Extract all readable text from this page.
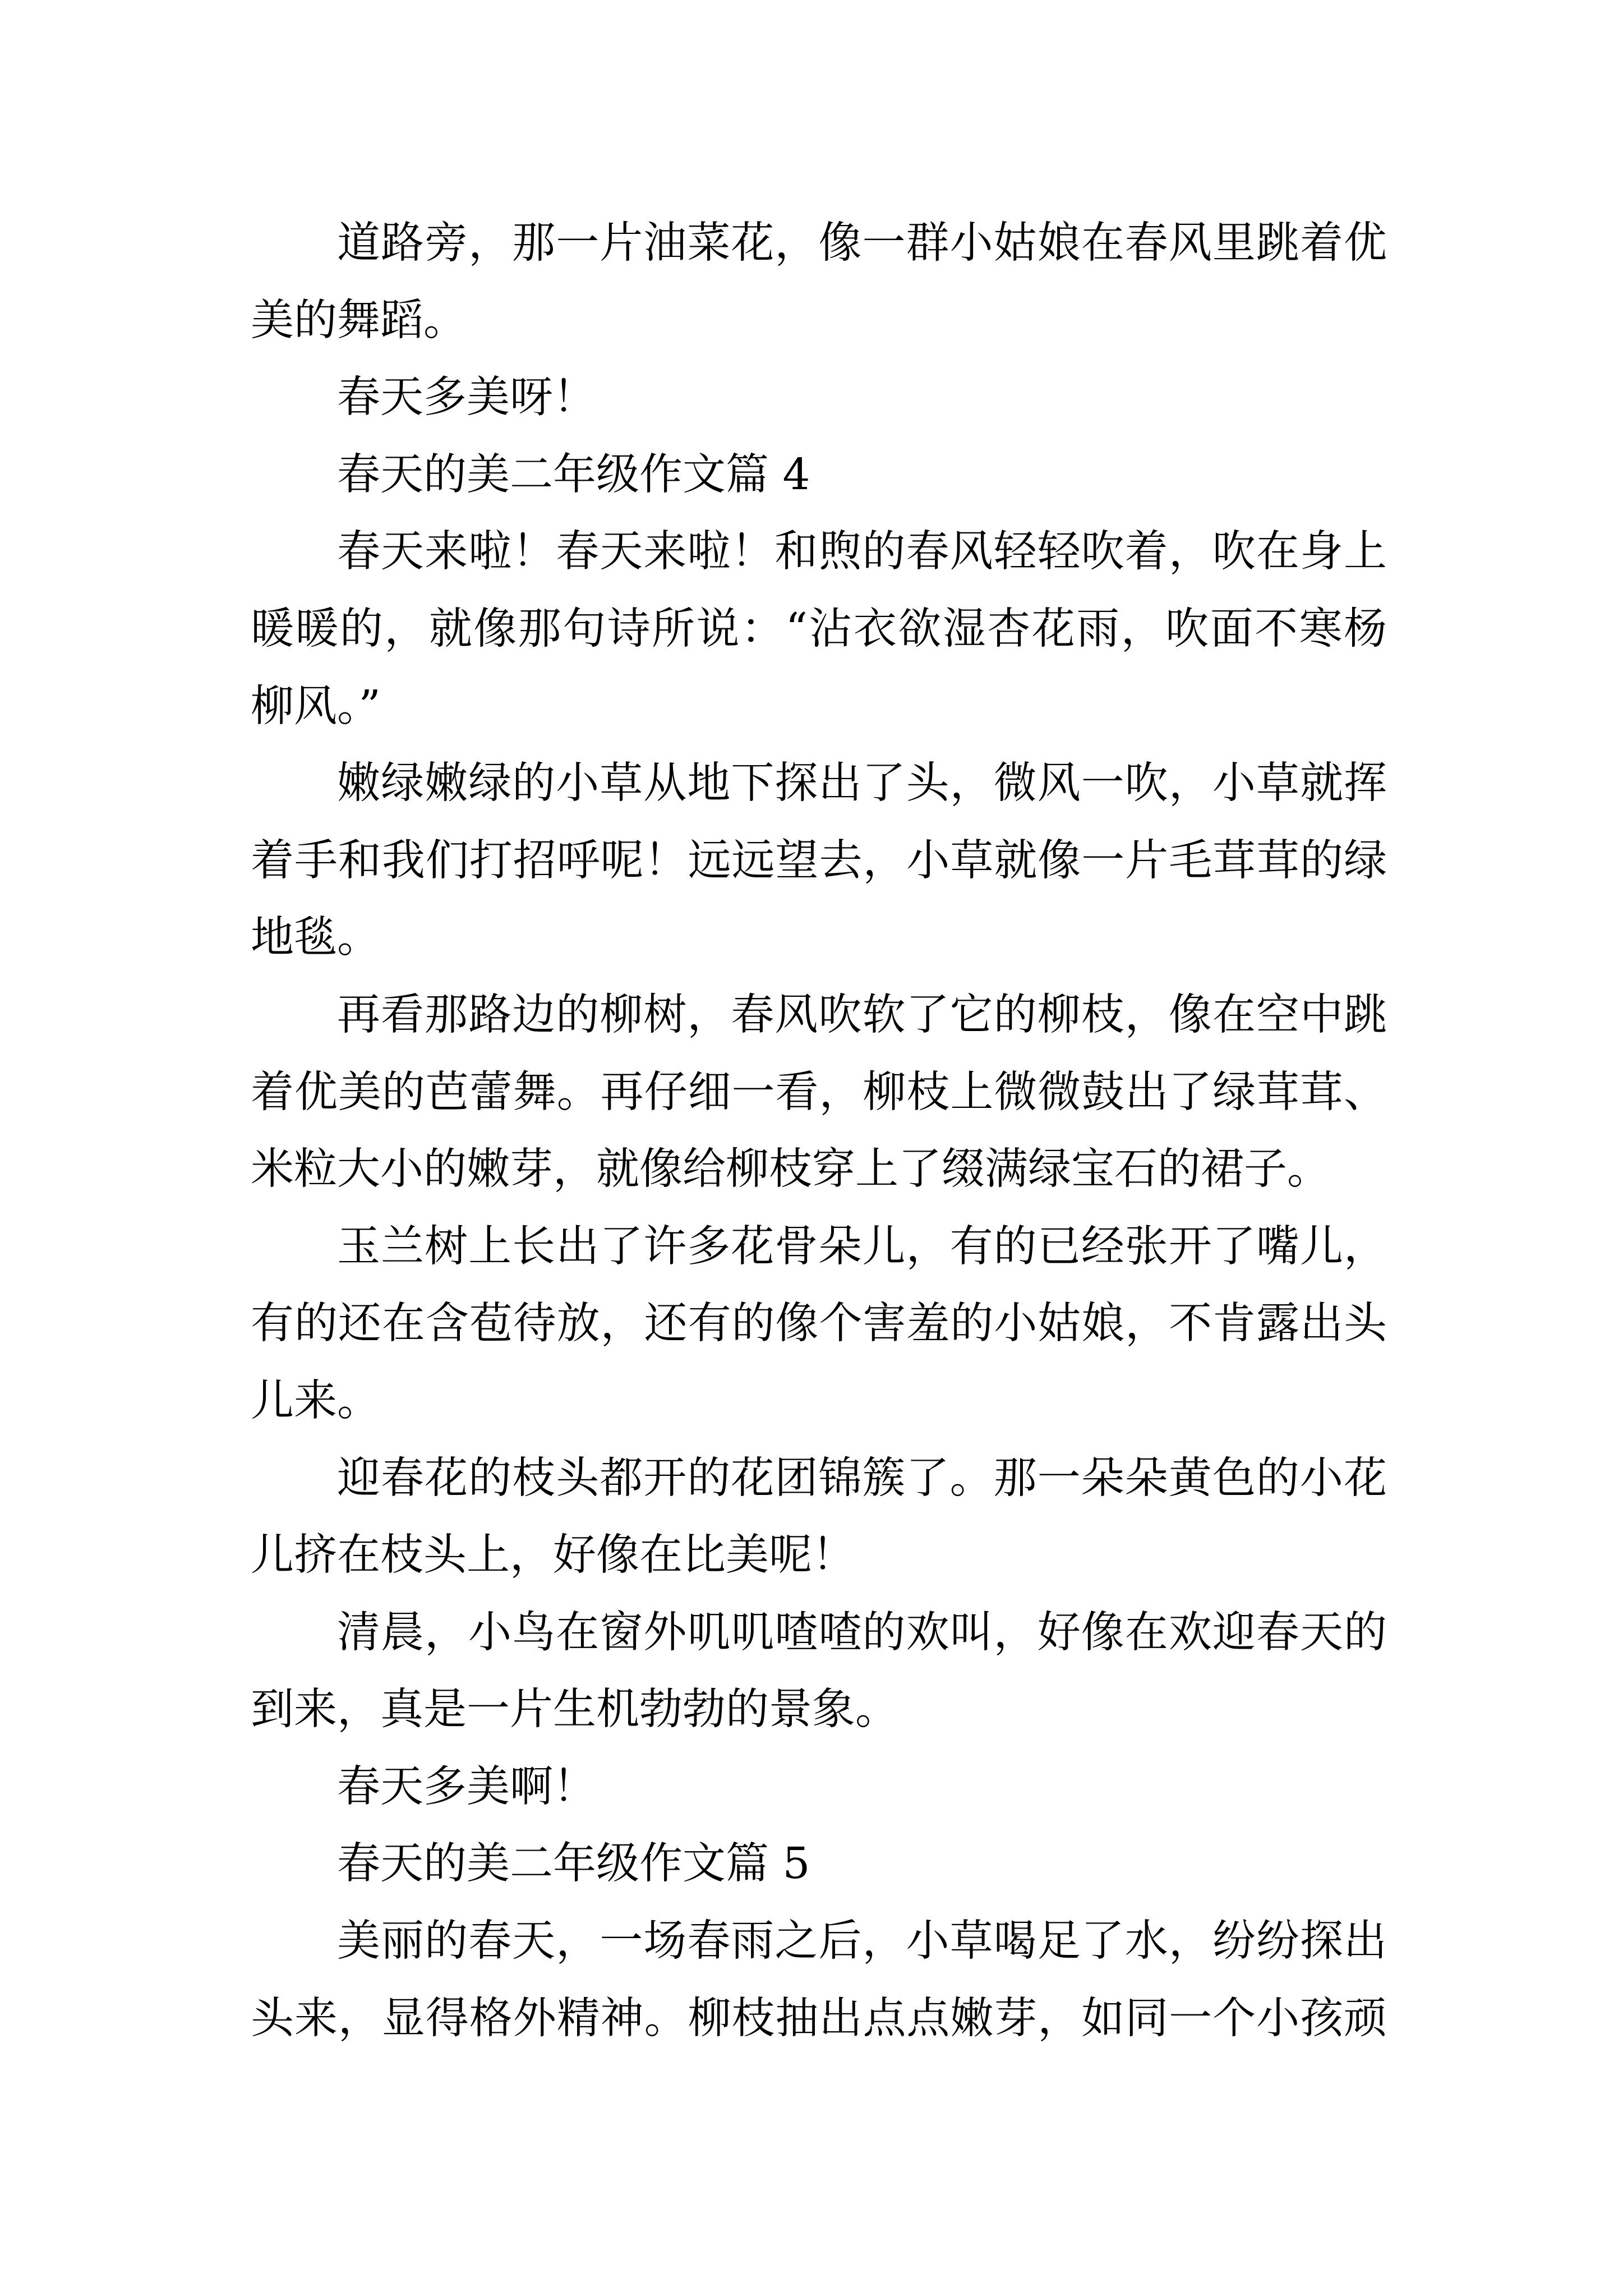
道路旁，那一片油菜花，像一群小姑娘在春风里跳着优
美的舞蹈。
春天多美呀！
春天的美二年级作文篇 4
春天来啦！春天来啦！和煦的春风轻轻吹着，吹在身上
暖暖的，就像那句诗所说：“沾衣欲湿杏花雨，吹面不寒杨
柳风。”
嫩绿嫩绿的小草从地下探出了头，微风一吹，小草就挥
着手和我们打招呼呢！远远望去，小草就像一片毛茸茸的绿
地毯。
再看那路边的柳树，春风吹软了它的柳枝，像在空中跳
着优美的芭蕾舞。再仔细一看，柳枝上微微鼓出了绿茸茸、
米粒大小的嫩芽，就像给柳枝穿上了缀满绿宝石的裙子。
玉兰树上长出了许多花骨朵儿，有的已经张开了嘴儿，
有的还在含苞待放，还有的像个害羞的小姑娘，不肯露出头
儿来。
迎春花的枝头都开的花团锦簇了。那一朵朵黄色的小花
儿挤在枝头上，好像在比美呢！
清晨，小鸟在窗外叽叽喳喳的欢叫，好像在欢迎春天的
到来，真是一片生机勃勃的景象。
春天多美啊！
春天的美二年级作文篇 5
美丽的春天，一场春雨之后，小草喝足了水，纷纷探出
头来，显得格外精神。柳枝抽出点点嫩芽，如同一个小孩顽
